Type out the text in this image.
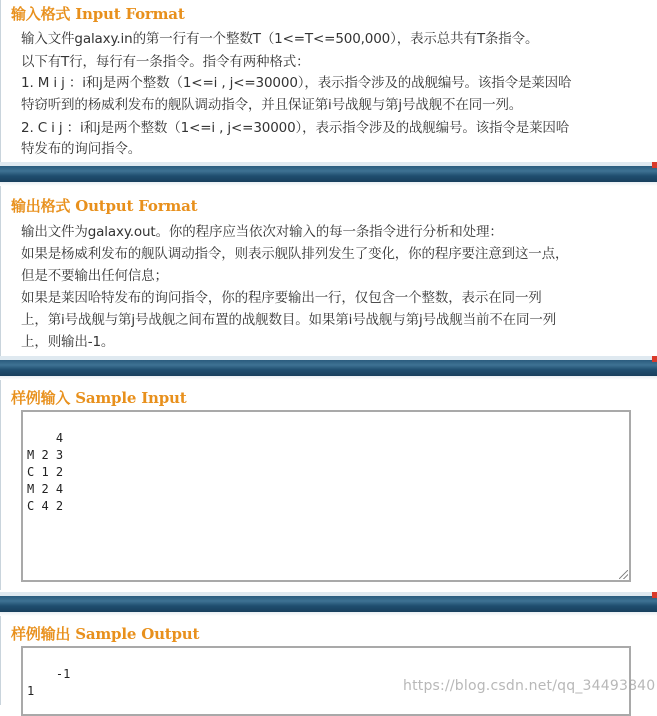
输入格式 Input Format
输入文件galaxy.in的第一行有一个整数T（1<=T<=500,000），表示总共有T条指令。
以下有T行，每行有一条指令。指令有两种格式：
1. M i j ：i和j是两个整数（1<=i , j<=30000），表示指令涉及的战舰编号。该指令是莱因哈
特窃听到的杨威利发布的舰队调动指令，并且保证第i号战舰与第j号战舰不在同一列。
2. C i j ：i和j是两个整数（1<=i , j<=30000），表示指令涉及的战舰编号。该指令是莱因哈
特发布的询问指令。
输出格式 Output Format
输出文件为galaxy.out。你的程序应当依次对输入的每一条指令进行分析和处理：
如果是杨威利发布的舰队调动指令，则表示舰队排列发生了变化，你的程序要注意到这一点，
但是不要输出任何信息；
如果是莱因哈特发布的询问指令，你的程序要输出一行，仅包含一个整数，表示在同一列
上，第i号战舰与第j号战舰之间布置的战舰数目。如果第i号战舰与第j号战舰当前不在同一列
上，则输出-1。
样例输入 Sample Input

4
M 2 3
C 1 2
M 2 4
C 4 2

样例输出 Sample Output

-1
1
	https://blog.csdn.net/qq_34493840
